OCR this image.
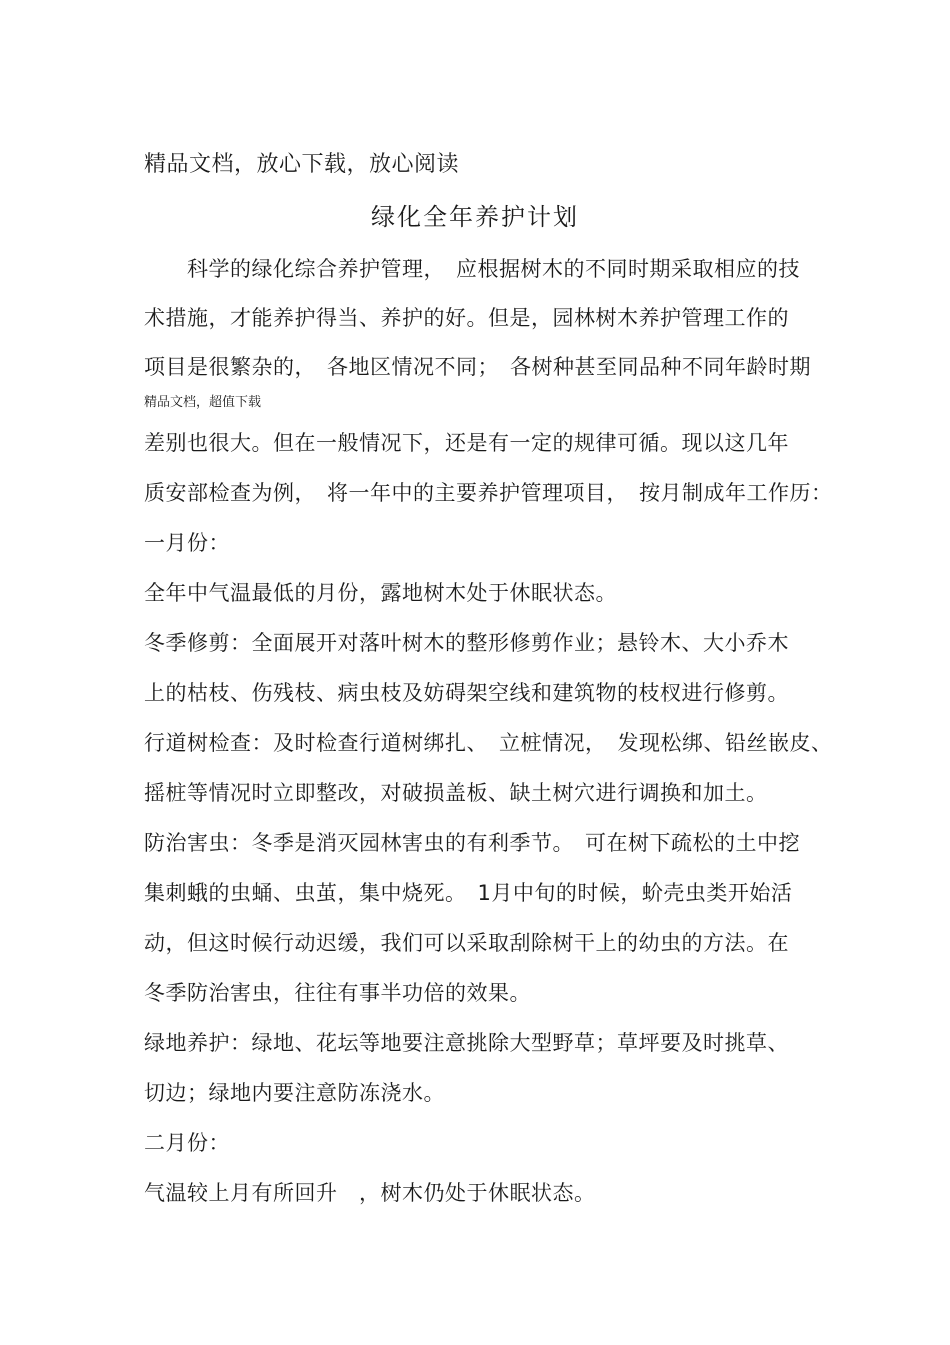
精品文档，放心下载，放心阅读
绿化全年养护计划
科学的绿化综合养护管理，　应根据树木的不同时期采取相应的技
术措施，才能养护得当、养护的好。但是，园林树木养护管理工作的
项目是很繁杂的，　各地区情况不同；　各树种甚至同品种不同年龄时期
精品文档，超值下载
差别也很大。但在一般情况下，还是有一定的规律可循。现以这几年
质安部检查为例，　将一年中的主要养护管理项目，　按月制成年工作历：
一月份：
全年中气温最低的月份，露地树木处于休眠状态。
冬季修剪：全面展开对落叶树木的整形修剪作业；悬铃木、大小乔木
上的枯枝、伤残枝、病虫枝及妨碍架空线和建筑物的枝杈进行修剪。
行道树检查：及时检查行道树绑扎、　立桩情况，　发现松绑、铅丝嵌皮、
摇桩等情况时立即整改，对破损盖板、缺土树穴进行调换和加土。
防治害虫：冬季是消灭园林害虫的有利季节。　可在树下疏松的土中挖
集刺蛾的虫蛹、虫茧，集中烧死。　1月中旬的时候，蚧壳虫类开始活
动，但这时候行动迟缓，我们可以采取刮除树干上的幼虫的方法。在
冬季防治害虫，往往有事半功倍的效果。
绿地养护：绿地、花坛等地要注意挑除大型野草；草坪要及时挑草、
切边；绿地内要注意防冻浇水。
二月份：
气温较上月有所回升　，树木仍处于休眠状态。
